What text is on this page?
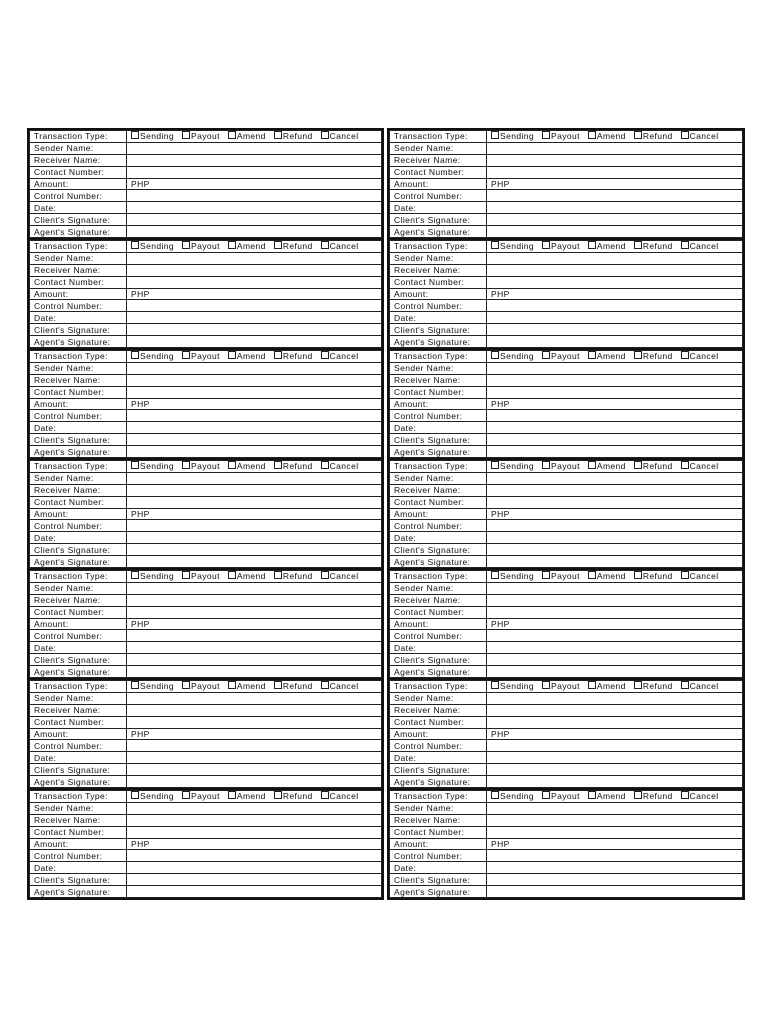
Transaction Type:	Sending Payout Amend Refund Cancel
Sender Name:	
Receiver Name:	
Contact Number:	
Amount:	PHP
Control Number:	
Date:	
Client's Signature:	
Agent's Signature:	
Transaction Type:	Sending Payout Amend Refund Cancel
Sender Name:	
Receiver Name:	
Contact Number:	
Amount:	PHP
Control Number:	
Date:	
Client's Signature:	
Agent's Signature:	
Transaction Type:	Sending Payout Amend Refund Cancel
Sender Name:	
Receiver Name:	
Contact Number:	
Amount:	PHP
Control Number:	
Date:	
Client's Signature:	
Agent's Signature:	
Transaction Type:	Sending Payout Amend Refund Cancel
Sender Name:	
Receiver Name:	
Contact Number:	
Amount:	PHP
Control Number:	
Date:	
Client's Signature:	
Agent's Signature:	
Transaction Type:	Sending Payout Amend Refund Cancel
Sender Name:	
Receiver Name:	
Contact Number:	
Amount:	PHP
Control Number:	
Date:	
Client's Signature:	
Agent's Signature:	
Transaction Type:	Sending Payout Amend Refund Cancel
Sender Name:	
Receiver Name:	
Contact Number:	
Amount:	PHP
Control Number:	
Date:	
Client's Signature:	
Agent's Signature:	
Transaction Type:	Sending Payout Amend Refund Cancel
Sender Name:	
Receiver Name:	
Contact Number:	
Amount:	PHP
Control Number:	
Date:	
Client's Signature:	
Agent's Signature:	
Transaction Type:	Sending Payout Amend Refund Cancel
Sender Name:	
Receiver Name:	
Contact Number:	
Amount:	PHP
Control Number:	
Date:	
Client's Signature:	
Agent's Signature:	
Transaction Type:	Sending Payout Amend Refund Cancel
Sender Name:	
Receiver Name:	
Contact Number:	
Amount:	PHP
Control Number:	
Date:	
Client's Signature:	
Agent's Signature:	
Transaction Type:	Sending Payout Amend Refund Cancel
Sender Name:	
Receiver Name:	
Contact Number:	
Amount:	PHP
Control Number:	
Date:	
Client's Signature:	
Agent's Signature:	
Transaction Type:	Sending Payout Amend Refund Cancel
Sender Name:	
Receiver Name:	
Contact Number:	
Amount:	PHP
Control Number:	
Date:	
Client's Signature:	
Agent's Signature:	
Transaction Type:	Sending Payout Amend Refund Cancel
Sender Name:	
Receiver Name:	
Contact Number:	
Amount:	PHP
Control Number:	
Date:	
Client's Signature:	
Agent's Signature:	
Transaction Type:	Sending Payout Amend Refund Cancel
Sender Name:	
Receiver Name:	
Contact Number:	
Amount:	PHP
Control Number:	
Date:	
Client's Signature:	
Agent's Signature:	
Transaction Type:	Sending Payout Amend Refund Cancel
Sender Name:	
Receiver Name:	
Contact Number:	
Amount:	PHP
Control Number:	
Date:	
Client's Signature:	
Agent's Signature:	
